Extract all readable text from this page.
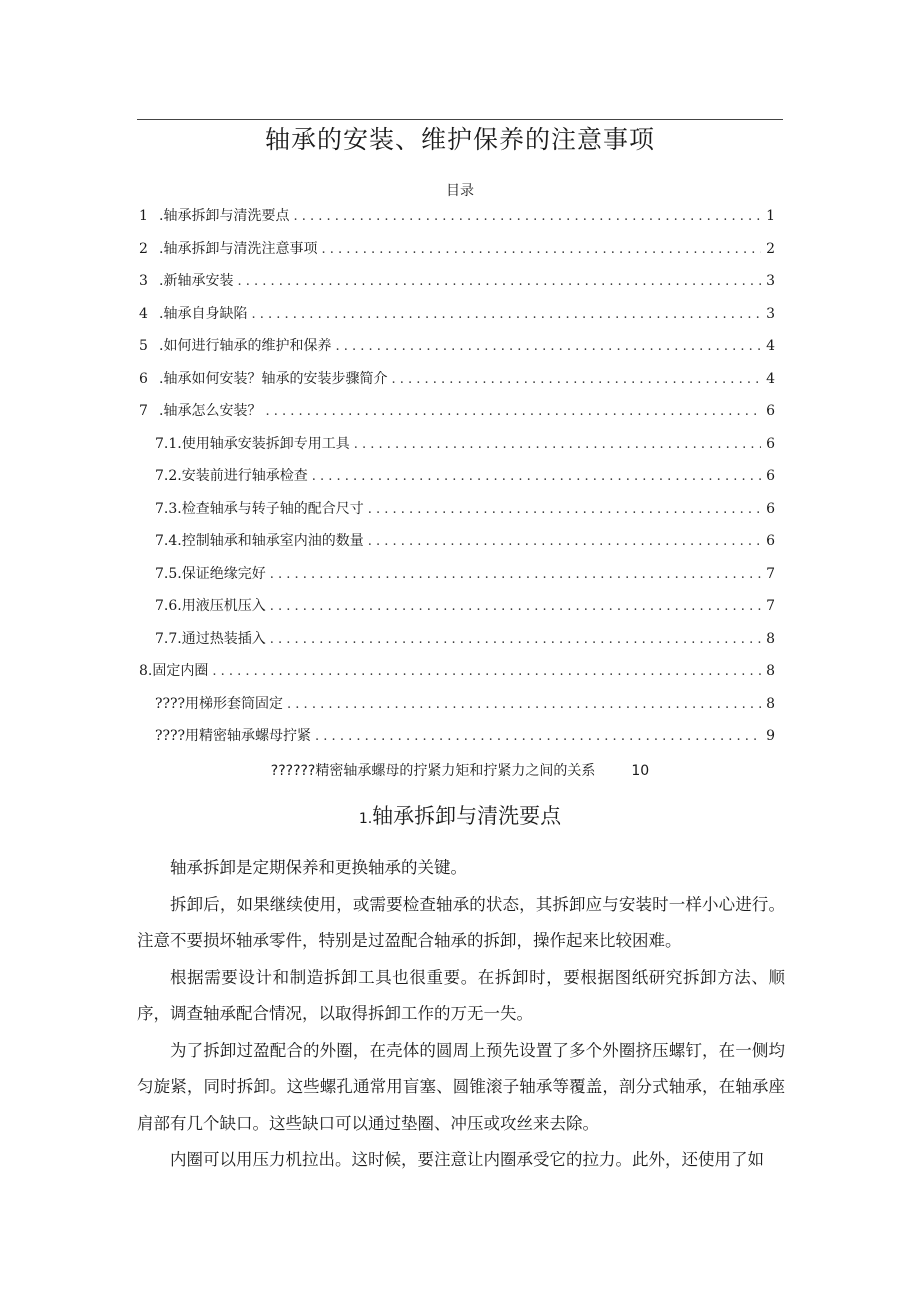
轴承的安装、维护保养的注意事项
目录
1 .轴承拆卸与清洗要点 . . .	1
2 .轴承拆卸与清洗注意事项 . . .	2
3 .新轴承安装 . . .	3
4 .轴承自身缺陷 . . .	3
5 .如何进行轴承的维护和保养 . . .	4
6 .轴承如何安装？轴承的安装步骤简介 . . .	4
7 .轴承怎么安装？ . . .	6
7.1.使用轴承安装拆卸专用工具 . . .	6
7.2.安装前进行轴承检查 . . .	6
7.3.检查轴承与转子轴的配合尺寸 . . .	6
7.4.控制轴承和轴承室内油的数量 . . .	6
7.5.保证绝缘完好 . . .	7
7.6.用液压机压入 . . .	7
7.7.通过热装插入 . . .	8
8.固定内圈 . . .	8
????用梯形套筒固定 . . .	8
????用精密轴承螺母拧紧 . . .	9
??????精密轴承螺母的拧紧力矩和拧紧力之间的关系	10
1.轴承拆卸与清洗要点

轴承拆卸是定期保养和更换轴承的关键。

拆卸后，如果继续使用，或需要检查轴承的状态，其拆卸应与安装时一样小心进行。注意不要损坏轴承零件，特别是过盈配合轴承的拆卸，操作起来比较困难。

根据需要设计和制造拆卸工具也很重要。在拆卸时，要根据图纸研究拆卸方法、顺序，调查轴承配合情况，以取得拆卸工作的万无一失。

为了拆卸过盈配合的外圈，在壳体的圆周上预先设置了多个外圈挤压螺钉，在一侧均匀旋紧，同时拆卸。这些螺孔通常用盲塞、圆锥滚子轴承等覆盖，剖分式轴承，在轴承座肩部有几个缺口。这些缺口可以通过垫圈、冲压或攻丝来去除。

内圈可以用压力机拉出。这时候，要注意让内圈承受它的拉力。此外，还使用了如
